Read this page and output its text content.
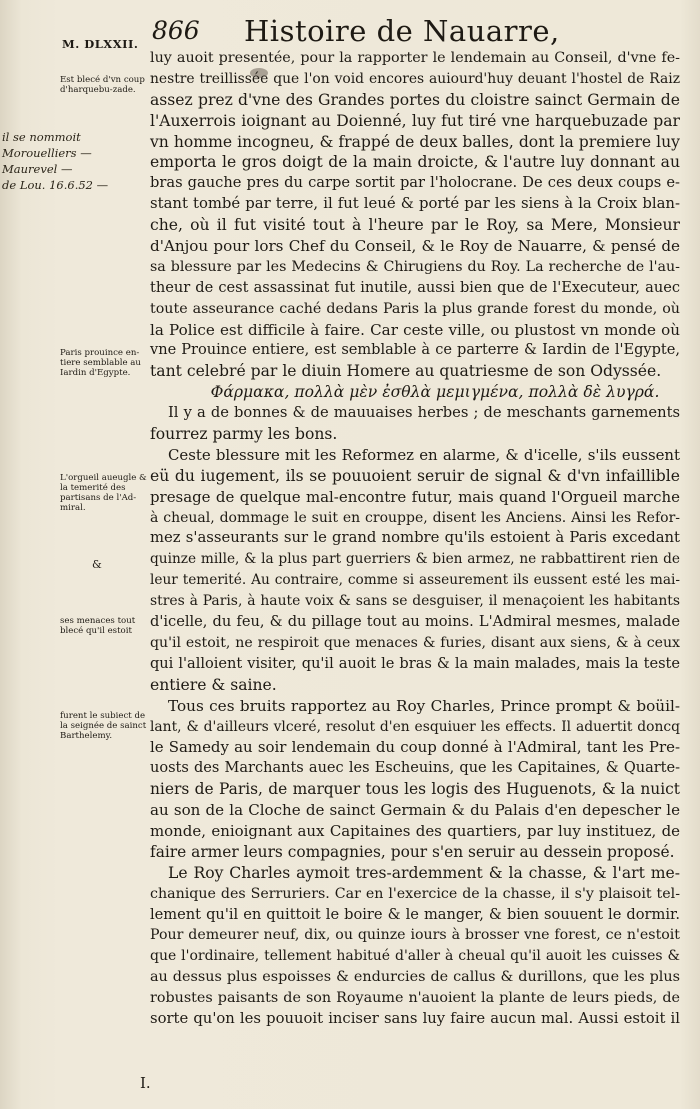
M. DLXXII. 866 Histoire de Nauarre,
Est blecé d'vn coup d'harquebu-zade.
Paris prouince en-tiere semblable au Iardin d'Egypte.
L'orgueil aueugle & la temerité des partisans de l'Ad-miral.
&
ses menaces tout blecé qu'il estoit
furent le subiect de la seignée de sainct Barthelemy.
il se nommoit
Morouelliers —
Maurevel —
de Lou. 16.6.52 —
luy auoit presentée, pour la rapporter le lendemain au Conseil, d'vne fe-
nestre treillissée que l'on void encores auiourd'huy deuant l'hostel de Raiz
assez prez d'vne des Grandes portes du cloistre sainct Germain de
l'Auxerrois ioignant au Doienné, luy fut tiré vne harquebuzade par
vn homme incogneu, & frappé de deux balles, dont la premiere luy
emporta le gros doigt de la main droicte, & l'autre luy donnant au
bras gauche pres du carpe sortit par l'holocrane. De ces deux coups e-
stant tombé par terre, il fut leué & porté par les siens à la Croix blan-
che, où il fut visité tout à l'heure par le Roy, sa Mere, Monsieur
d'Anjou pour lors Chef du Conseil, & le Roy de Nauarre, & pensé de
sa blessure par les Medecins & Chirugiens du Roy. La recherche de l'au-
theur de cest assassinat fut inutile, aussi bien que de l'Executeur, auec
toute asseurance caché dedans Paris la plus grande forest du monde, où
la Police est difficile à faire. Car ceste ville, ou plustost vn monde où
vne Prouince entiere, est semblable à ce parterre & Iardin de l'Egypte,
tant celebré par le diuin Homere au quatriesme de son Odyssée.
Φάρμακα, πολλὰ μὲν ἐσθλὰ μεμιγμένα, πολλὰ δὲ λυγρά.
Il y a de bonnes & de mauuaises herbes ; de meschants garnements
fourrez parmy les bons.
Ceste blessure mit les Reformez en alarme, & d'icelle, s'ils eussent
eü du iugement, ils se pouuoient seruir de signal & d'vn infaillible
presage de quelque mal-encontre futur, mais quand l'Orgueil marche
à cheual, dommage le suit en crouppe, disent les Anciens. Ainsi les Refor-
mez s'asseurants sur le grand nombre qu'ils estoient à Paris excedant
quinze mille, & la plus part guerriers & bien armez, ne rabbattirent rien de
leur temerité. Au contraire, comme si asseurement ils eussent esté les mai-
stres à Paris, à haute voix & sans se desguiser, il menaçoient les habitants
d'icelle, du feu, & du pillage tout au moins. L'Admiral mesmes, malade
qu'il estoit, ne respiroit que menaces & furies, disant aux siens, & à ceux
qui l'alloient visiter, qu'il auoit le bras & la main malades, mais la teste
entiere & saine.
Tous ces bruits rapportez au Roy Charles, Prince prompt & boüil-
lant, & d'ailleurs vlceré, resolut d'en esquiuer les effects. Il aduertit doncq
le Samedy au soir lendemain du coup donné à l'Admiral, tant les Pre-
uosts des Marchants auec les Escheuins, que les Capitaines, & Quarte-
niers de Paris, de marquer tous les logis des Huguenots, & la nuict
au son de la Cloche de sainct Germain & du Palais d'en depescher le
monde, enioignant aux Capitaines des quartiers, par luy instituez, de
faire armer leurs compagnies, pour s'en seruir au dessein proposé.
Le Roy Charles aymoit tres-ardemment & la chasse, & l'art me-
chanique des Serruriers. Car en l'exercice de la chasse, il s'y plaisoit tel-
lement qu'il en quittoit le boire & le manger, & bien souuent le dormir.
Pour demeurer neuf, dix, ou quinze iours à brosser vne forest, ce n'estoit
que l'ordinaire, tellement habitué d'aller à cheual qu'il auoit les cuisses &
au dessus plus espoisses & endurcies de callus & durillons, que les plus
robustes paisants de son Royaume n'auoient la plante de leurs pieds, de
sorte qu'on les pouuoit inciser sans luy faire aucun mal. Aussi estoit il
I.
